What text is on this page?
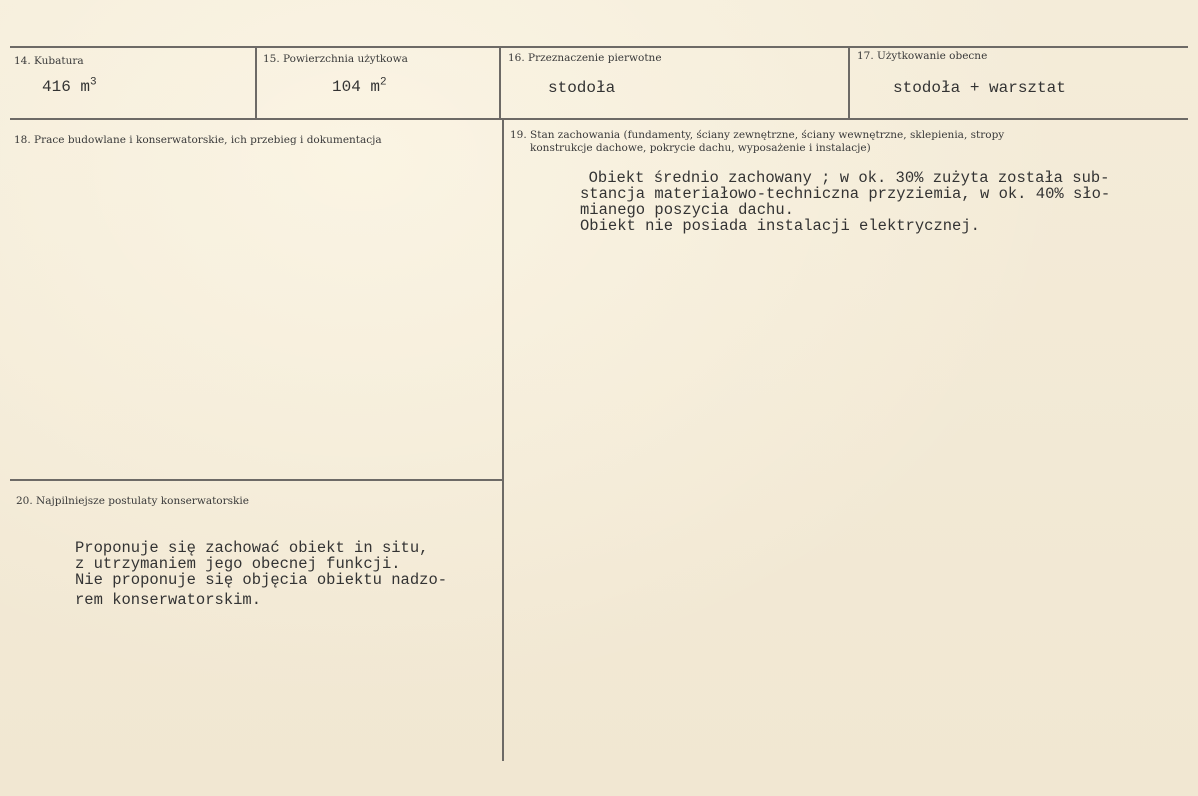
14. Kubatura
416 $m^3$
15. Powierzchnia użytkowa
104 $m^2$
16. Przeznaczenie pierwotne
stodoła
17. Użytkowanie obecne
stodoła + warsztat
18. Prace budowlane i konserwatorskie, ich przebieg i dokumentacja	19. Stan zachowania (fundamenty, ściany zewnętrzne, ściany wewnętrzne, sklepienia, stropy
konstrukcje dachowe, pokrycie dachu, wyposażenie i instalacje)
Obiekt średnio zachowany ; w ok. 30% zużyta została sub-
stancja materiałowo-techniczna przyziemia, w ok. 40% sło-
mianego poszycia dachu.
Obiekt nie posiada instalacji elektrycznej.
20. Najpilniejsze postulaty konserwatorskie
Proponuje się zachować obiekt in situ,
z utrzymaniem jego obecnej funkcji.
Nie proponuje się objęcia obiektu nadzo-
rem konserwatorskim.
